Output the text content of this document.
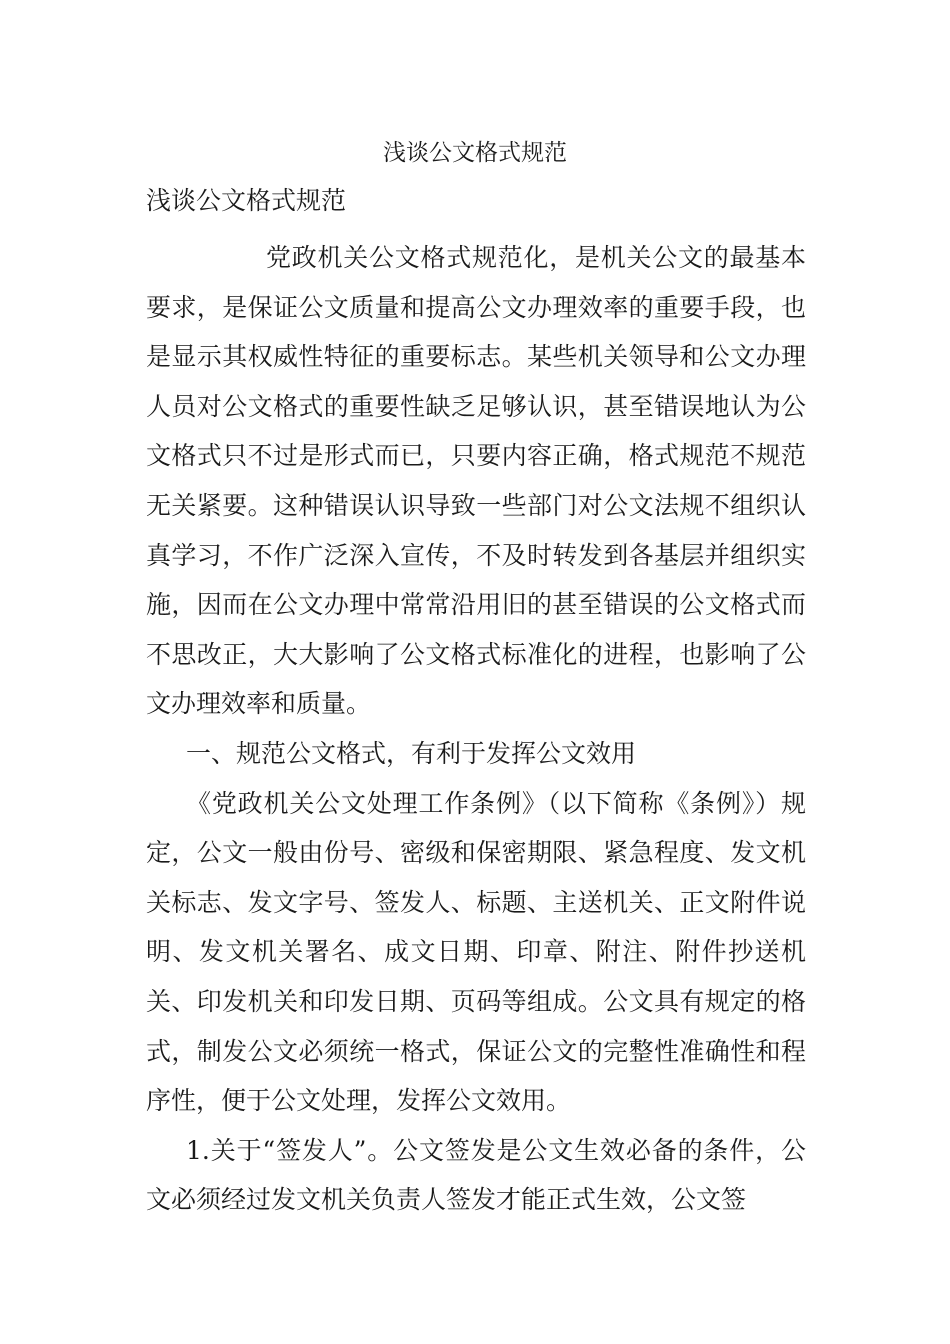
浅谈公文格式规范
浅谈公文格式规范

党政机关公文格式规范化，是机关公文的最基本要求，是保证公文质量和提高公文办理效率的重要手段，也是显示其权威性特征的重要标志。某些机关领导和公文办理人员对公文格式的重要性缺乏足够认识，甚至错误地认为公文格式只不过是形式而已，只要内容正确，格式规范不规范无关紧要。这种错误认识导致一些部门对公文法规不组织认真学习，不作广泛深入宣传，不及时转发到各基层并组织实施，因而在公文办理中常常沿用旧的甚至错误的公文格式而不思改正，大大影响了公文格式标准化的进程，也影响了公文办理效率和质量。

一、规范公文格式，有利于发挥公文效用

《党政机关公文处理工作条例》（以下简称《条例》）规定，公文一般由份号、密级和保密期限、紧急程度、发文机关标志、发文字号、签发人、标题、主送机关、正文附件说明、发文机关署名、成文日期、印章、附注、附件抄送机关、印发机关和印发日期、页码等组成。公文具有规定的格式，制发公文必须统一格式，保证公文的完整性准确性和程序性，便于公文处理，发挥公文效用。

1.关于“签发人”。公文签发是公文生效必备的条件，公文必须经过发文机关负责人签发才能正式生效，公文签
